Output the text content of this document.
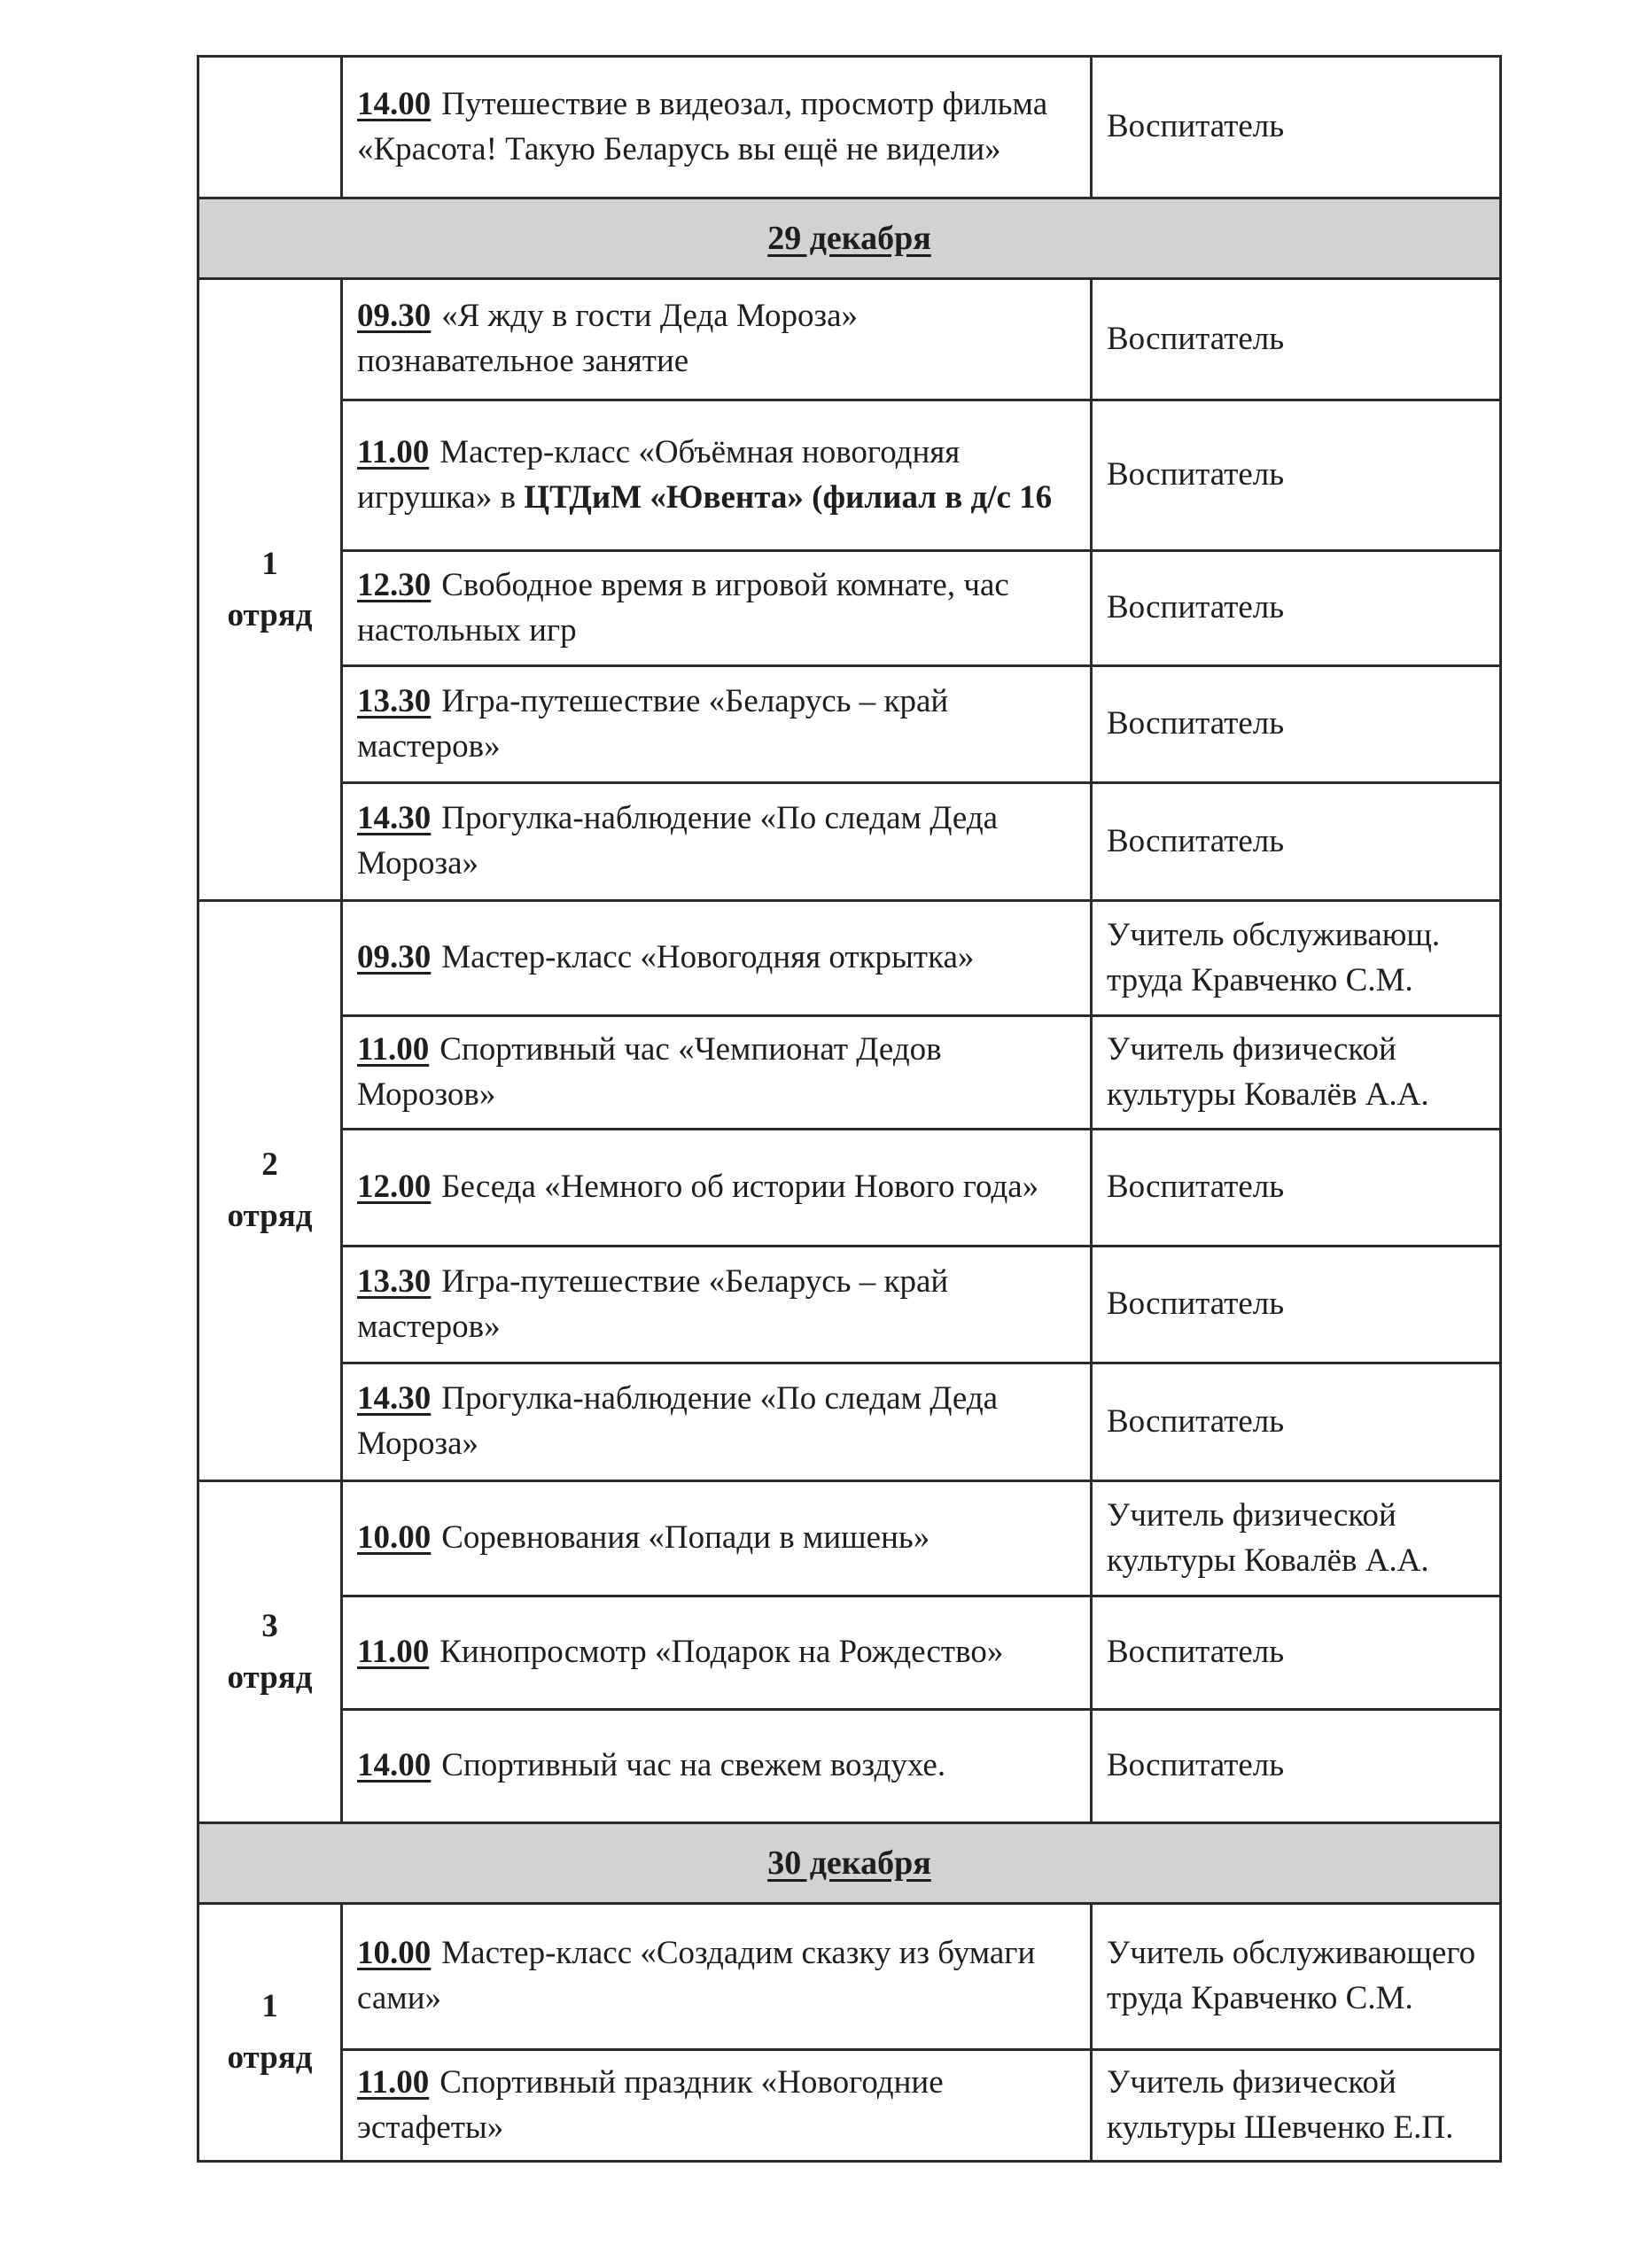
	14.00 Путешествие в видеозал, просмотр фильма «Красота! Такую Беларусь вы ещё не видели»	Воспитатель
29 декабря		

1
отряд	09.30 «Я жду в гости Деда Мороза» познавательное занятие	Воспитатель
	11.00 Мастер-класс «Объёмная новогодняя игрушка» в ЦТДиМ «Ювента» (филиал в д/с 16	Воспитатель
	12.30 Свободное время в игровой комнате, час настольных игр	Воспитатель
	13.30 Игра-путешествие «Беларусь – край мастеров»	Воспитатель
	14.30 Прогулка-наблюдение «По следам Деда Мороза»	Воспитатель

2
отряд	09.30 Мастер-класс «Новогодняя открытка»	Учитель обслуживающ. труда Кравченко С.М.
	11.00 Спортивный час «Чемпионат Дедов Морозов»	Учитель физической культуры Ковалёв А.А.
	12.00 Беседа «Немного об истории Нового года»	Воспитатель
	13.30 Игра-путешествие «Беларусь – край мастеров»	Воспитатель
	14.30 Прогулка-наблюдение «По следам Деда Мороза»	Воспитатель

3
отряд	10.00 Соревнования «Попади в мишень»	Учитель физической культуры Ковалёв А.А.
	11.00 Кинопросмотр «Подарок на Рождество»	Воспитатель
	14.00 Спортивный час на свежем воздухе.	Воспитатель
30 декабря		

1
отряд	10.00 Мастер-класс «Создадим сказку из бумаги сами»	Учитель обслуживающего труда Кравченко С.М.
	11.00 Спортивный праздник «Новогодние эстафеты»	Учитель физической культуры Шевченко Е.П.
